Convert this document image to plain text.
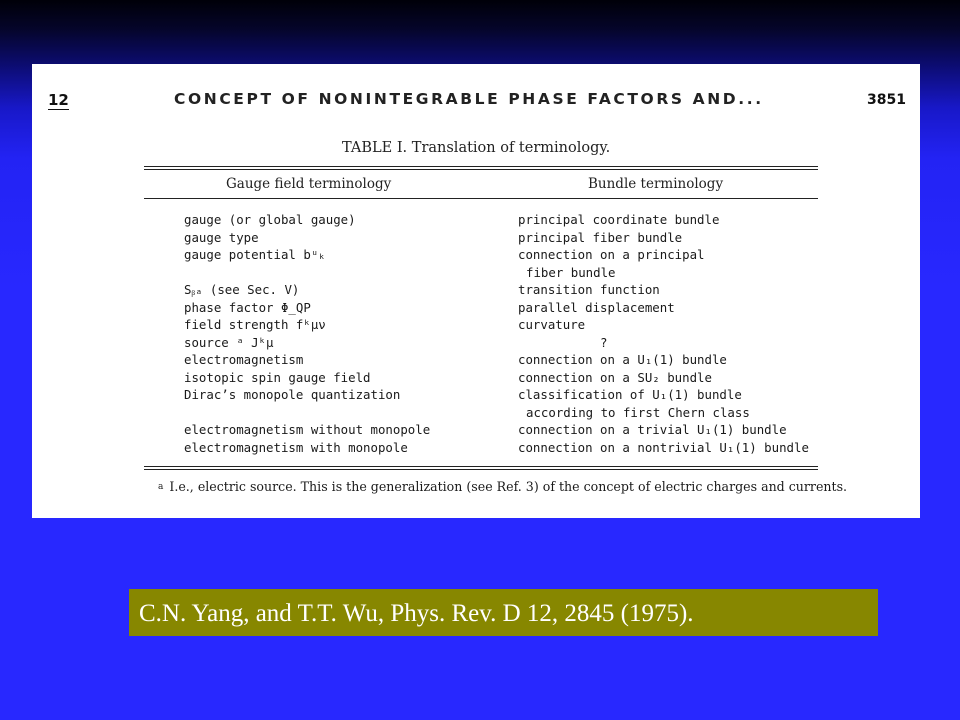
12	CONCEPT OF NONINTEGRABLE PHASE FACTORS AND...	3851
TABLE I. Translation of terminology.
Gauge field terminology	Bundle terminology
gauge (or global gauge)	principal coordinate bundle
gauge type	principal fiber bundle
gauge potential bᵘₖ	connection on a principal
fiber bundle
Sᵦₐ (see Sec. V)	transition function
phase factor Φ_QP	parallel displacement
field strength fᵏμν	curvature
source ᵃ Jᵏμ	?
electromagnetism	connection on a U₁(1) bundle
isotopic spin gauge field	connection on a SU₂ bundle
Dirac’s monopole quantization	classification of U₁(1) bundle
according to first Chern class
electromagnetism without monopole	connection on a trivial U₁(1) bundle
electromagnetism with monopole	connection on a nontrivial U₁(1) bundle
$^a$ I.e., electric source. This is the generalization (see Ref. 3) of the concept of electric charges and currents.
C.N. Yang, and T.T. Wu, Phys. Rev. D 12, 2845 (1975).
